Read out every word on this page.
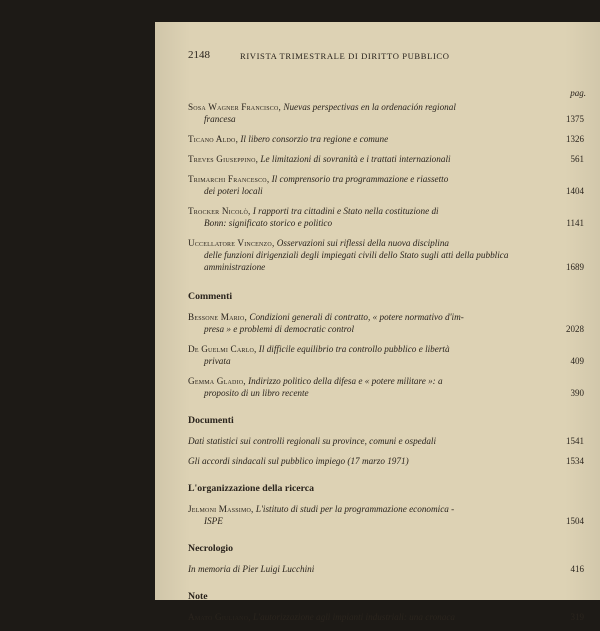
2148	RIVISTA TRIMESTRALE DI DIRITTO PUBBLICO
pag.
Sosa Wagner Francisco, Nuevas perspectivas en la ordenación regional
francesa	1375
Ticano Aldo, Il libero consorzio tra regione e comune	1326
Treves Giuseppino, Le limitazioni di sovranità e i trattati internazionali	561
Trimarchi Francesco, Il comprensorio tra programmazione e riassetto
dei poteri locali	1404
Trocker Nicolò, I rapporti tra cittadini e Stato nella costituzione di
Bonn: significato storico e politico	1141
Uccellatore Vincenzo, Osservazioni sui riflessi della nuova disciplina
delle funzioni dirigenziali degli impiegati civili dello Stato sugli atti della pubblica amministrazione	1689
Commenti
Bessone Mario, Condizioni generali di contratto, « potere normativo d'im-
presa » e problemi di democratic control	2028
De Guelmi Carlo, Il difficile equilibrio tra controllo pubblico e libertà
privata	409
Gemma Gladio, Indirizzo politico della difesa e « potere militare »: a
proposito di un libro recente	390
Documenti
Dati statistici sui controlli regionali su province, comuni e ospedali	1541
Gli accordi sindacali sul pubblico impiego (17 marzo 1971)	1534
L'organizzazione della ricerca
Jelmoni Massimo, L'istituto di studi per la programmazione economica -
ISPE	1504
Necrologio
In memoria di Pier Luigi Lucchini	416
Note
Amato Giuliano, L'autorizzazione agli impianti industriali: una cronaca	319
